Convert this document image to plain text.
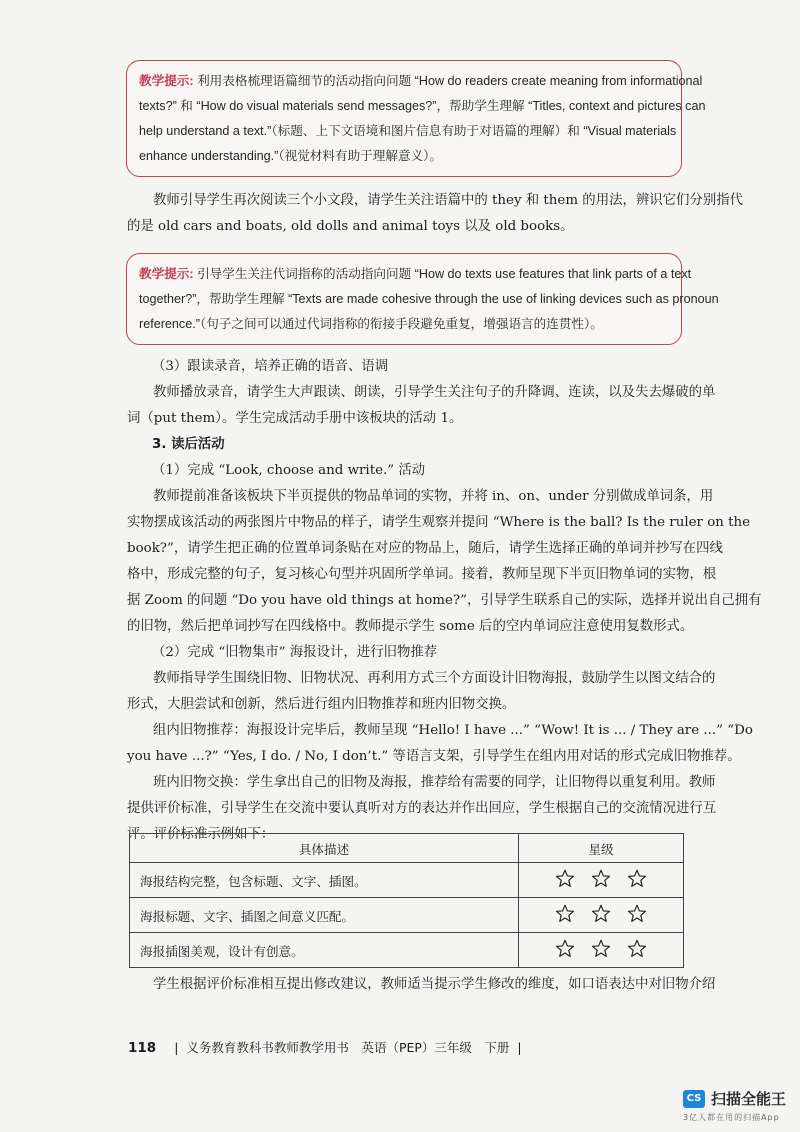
教学提示: 利用表格梳理语篇细节的活动指向问题 “How do readers create meaning from informational
texts?” 和 “How do visual materials send messages?”，帮助学生理解 “Titles, context and pictures can
help understand a text.”（标题、上下文语境和图片信息有助于对语篇的理解）和 “Visual materials
enhance understanding.”（视觉材料有助于理解意义）。
教师引导学生再次阅读三个小文段，请学生关注语篇中的 they 和 them 的用法，辨识它们分别指代
的是 old cars and boats, old dolls and animal toys 以及 old books。
教学提示: 引导学生关注代词指称的活动指向问题 “How do texts use features that link parts of a text
together?”，帮助学生理解 “Texts are made cohesive through the use of linking devices such as pronoun
reference.”（句子之间可以通过代词指称的衔接手段避免重复，增强语言的连贯性）。
（3）跟读录音，培养正确的语音、语调
教师播放录音，请学生大声跟读、朗读，引导学生关注句子的升降调、连读，以及失去爆破的单
词（put them）。学生完成活动手册中该板块的活动 1。
3. 读后活动
（1）完成 “Look, choose and write.” 活动
教师提前准备该板块下半页提供的物品单词的实物，并将 in、on、under 分别做成单词条，用
实物摆成该活动的两张图片中物品的样子，请学生观察并提问 “Where is the ball? Is the ruler on the
book?”，请学生把正确的位置单词条贴在对应的物品上，随后，请学生选择正确的单词并抄写在四线
格中，形成完整的句子，复习核心句型并巩固所学单词。接着，教师呈现下半页旧物单词的实物，根
据 Zoom 的问题 “Do you have old things at home?”，引导学生联系自己的实际，选择并说出自己拥有
的旧物，然后把单词抄写在四线格中。教师提示学生 some 后的空内单词应注意使用复数形式。
（2）完成 “旧物集市” 海报设计，进行旧物推荐
教师指导学生围绕旧物、旧物状况、再利用方式三个方面设计旧物海报，鼓励学生以图文结合的
形式，大胆尝试和创新，然后进行组内旧物推荐和班内旧物交换。
组内旧物推荐：海报设计完毕后，教师呈现 “Hello! I have ...” “Wow! It is ... / They are ...” “Do
you have ...?” “Yes, I do. / No, I don’t.” 等语言支架，引导学生在组内用对话的形式完成旧物推荐。
班内旧物交换：学生拿出自己的旧物及海报，推荐给有需要的同学，让旧物得以重复利用。教师
提供评价标准，引导学生在交流中要认真听对方的表达并作出回应，学生根据自己的交流情况进行互
评。评价标准示例如下：
具体描述	星级
海报结构完整，包含标题、文字、插图。	
海报标题、文字、插图之间意义匹配。	
海报插图美观，设计有创意。	
学生根据评价标准相互提出修改建议，教师适当提示学生修改的维度，如口语表达中对旧物介绍
118 | 义务教育教科书教师教学用书　 英语（PEP）三年级　下册 |
CS 扫描全能王
3亿人都在用的扫描App
